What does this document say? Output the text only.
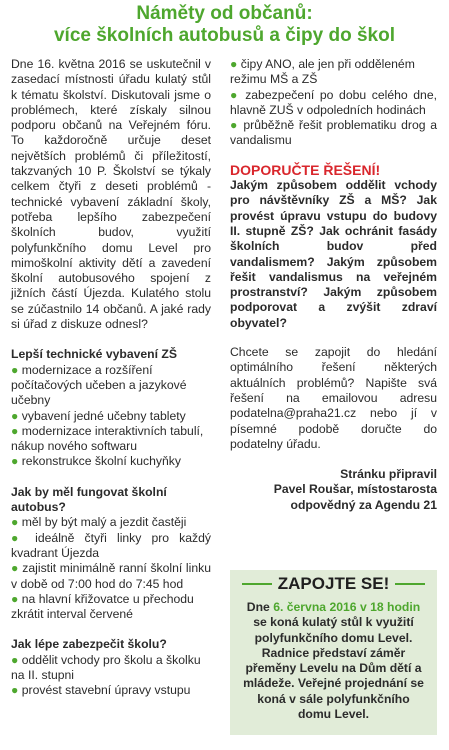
Náměty od občanů:
více školních autobusů a čipy do škol

Dne 16. května 2016 se uskutečnil v zasedací místnosti úřadu kulatý stůl k tématu školství. Diskutovali jsme o problémech, které získaly silnou podporu občanů na Veřejném fóru. To každoročně určuje deset největších problémů či příležitostí, takzvaných 10 P. Školství se týkaly celkem čtyři z deseti problémů - technické vybavení základní školy, potřeba lepšího zabezpečení školních budov, využití polyfunkčního domu Level pro mimoškolní aktivity dětí a zavedení školní autobusového spojení z jižních částí Újezda. Kulatého stolu se zúčastnilo 14 občanů. A jaké rady si úřad z diskuze odnesl?

Lepší technické vybavení ZŠ

● modernizace a rozšíření počítačových učeben a jazykové učebny
● vybavení jedné učebny tablety
● modernizace interaktivních tabulí, nákup nového softwaru
● rekonstrukce školní kuchyňky

Jak by měl fungovat školní autobus?

● měl by být malý a jezdit častěji
● ideálně čtyři linky pro každý kvadrant Újezda
● zajistit minimálně ranní školní linku v době od 7:00 hod do 7:45 hod
● na hlavní křižovatce u přechodu zkrátit interval červené

Jak lépe zabezpečit školu?

● oddělit vchody pro školu a školku na II. stupni
● provést stavební úpravy vstupu
● čipy ANO, ale jen při odděleném režimu MŠ a ZŠ
● zabezpečení po dobu celého dne, hlavně ZUŠ v odpoledních hodinách
● průběžně řešit problematiku drog a vandalismu

DOPORUČTE ŘEŠENÍ!

Jakým způsobem oddělit vchody pro návštěvníky ZŠ a MŠ? Jak provést úpravu vstupu do budovy II. stupně ZŠ? Jak ochránit fasády školních budov před vandalismem? Jakým způsobem řešit vandalismus na veřejném prostranství? Jakým způsobem podporovat a zvýšit zdraví obyvatel?

Chcete se zapojit do hledání optimálního řešení některých aktuálních problémů? Napište svá řešení na emailovou adresu podatelna@praha21.cz nebo jí v písemné podobě doručte do podatelny úřadu.

Stránku připravil
Pavel Roušar, místostarosta
odpovědný za Agendu 21
ZAPOJTE SE!
Dne 6. června 2016 v 18 hodin se koná kulatý stůl k využití polyfunkčního domu Level. Radnice představí záměr přeměny Levelu na Dům dětí a mládeže. Veřejné projednání se koná v sále polyfunkčního domu Level.
